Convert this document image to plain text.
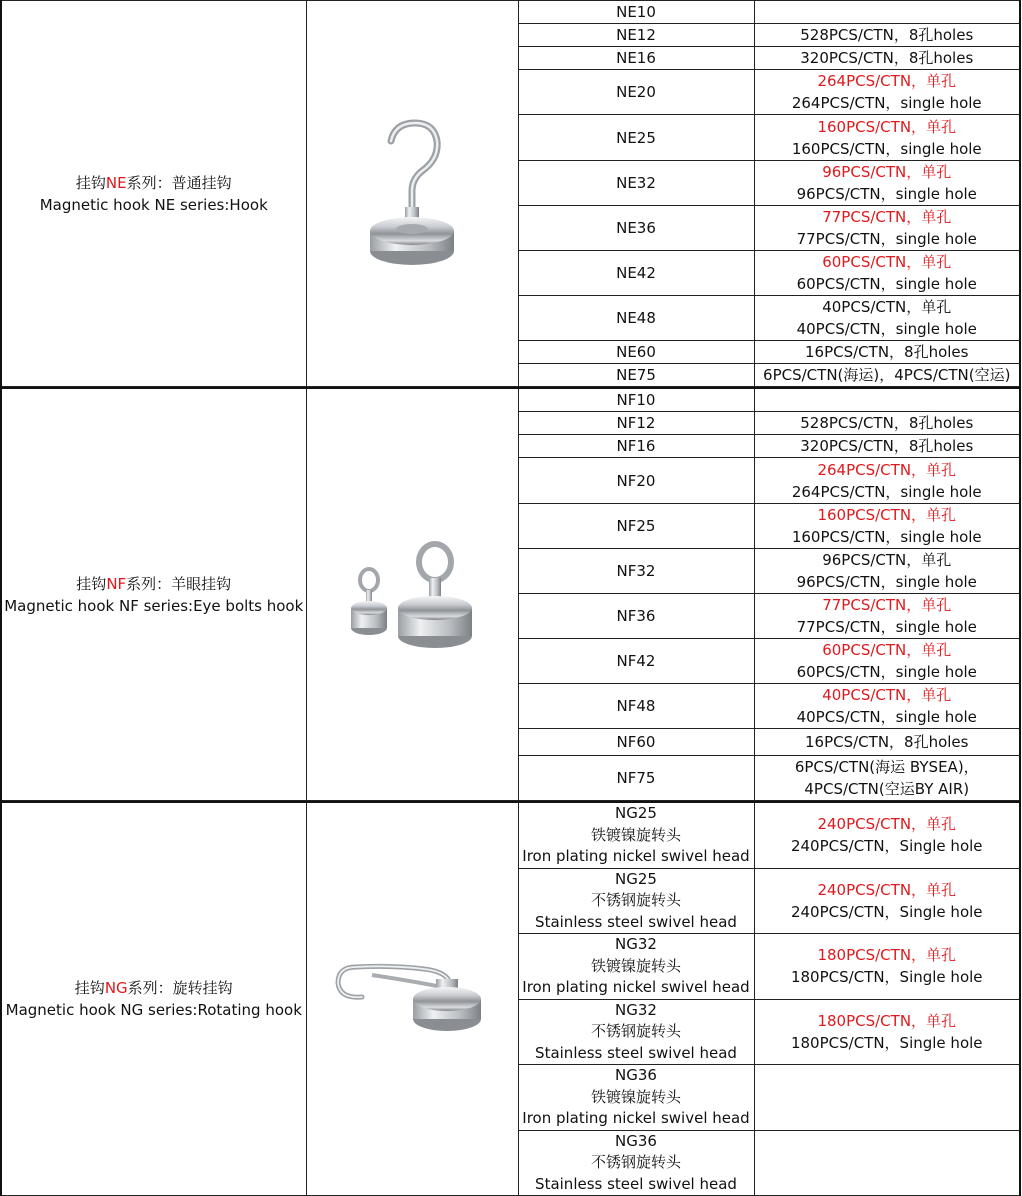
挂钩NE系列：普通挂钩
Magnetic hook NE series:Hook		NE10	
		NE12	528PCS/CTN，8孔holes
		NE16	320PCS/CTN，8孔holes
		NE20	264PCS/CTN，单孔
264PCS/CTN，single hole

		NE25	160PCS/CTN，单孔
160PCS/CTN，single hole

		NE32	96PCS/CTN，单孔
96PCS/CTN，single hole

		NE36	77PCS/CTN，单孔
77PCS/CTN，single hole

		NE42	60PCS/CTN，单孔
60PCS/CTN，single hole

		NE48	40PCS/CTN，单孔
40PCS/CTN，single hole

		NE60	16PCS/CTN，8孔holes
		NE75	6PCS/CTN(海运)，4PCS/CTN(空运)
挂钩NF系列：羊眼挂钩
Magnetic hook NF series:Eye bolts hook		NF10	
		NF12	528PCS/CTN，8孔holes
		NF16	320PCS/CTN，8孔holes
		NF20	264PCS/CTN，单孔
264PCS/CTN，single hole

		NF25	160PCS/CTN，单孔
160PCS/CTN，single hole

		NF32	96PCS/CTN，单孔
96PCS/CTN，single hole

		NF36	77PCS/CTN，单孔
77PCS/CTN，single hole

		NF42	60PCS/CTN，单孔
60PCS/CTN，single hole

		NF48	40PCS/CTN，单孔
40PCS/CTN，single hole

		NF60	16PCS/CTN，8孔holes
		NF75	6PCS/CTN(海运 BYSEA)，
4PCS/CTN(空运BY AIR)
挂钩NG系列：旋转挂钩
Magnetic hook NG series:Rotating hook		NG25
铁镀镍旋转头
Iron plating nickel swivel head	240PCS/CTN，单孔
240PCS/CTN，Single hole

		NG25
不锈钢旋转头
Stainless steel swivel head	240PCS/CTN，单孔
240PCS/CTN，Single hole

		NG32
铁镀镍旋转头
Iron plating nickel swivel head	180PCS/CTN，单孔
180PCS/CTN，Single hole

		NG32
不锈钢旋转头
Stainless steel swivel head	180PCS/CTN，单孔
180PCS/CTN，Single hole

		NG36
铁镀镍旋转头
Iron plating nickel swivel head	

		NG36
不锈钢旋转头
Stainless steel swivel head	
